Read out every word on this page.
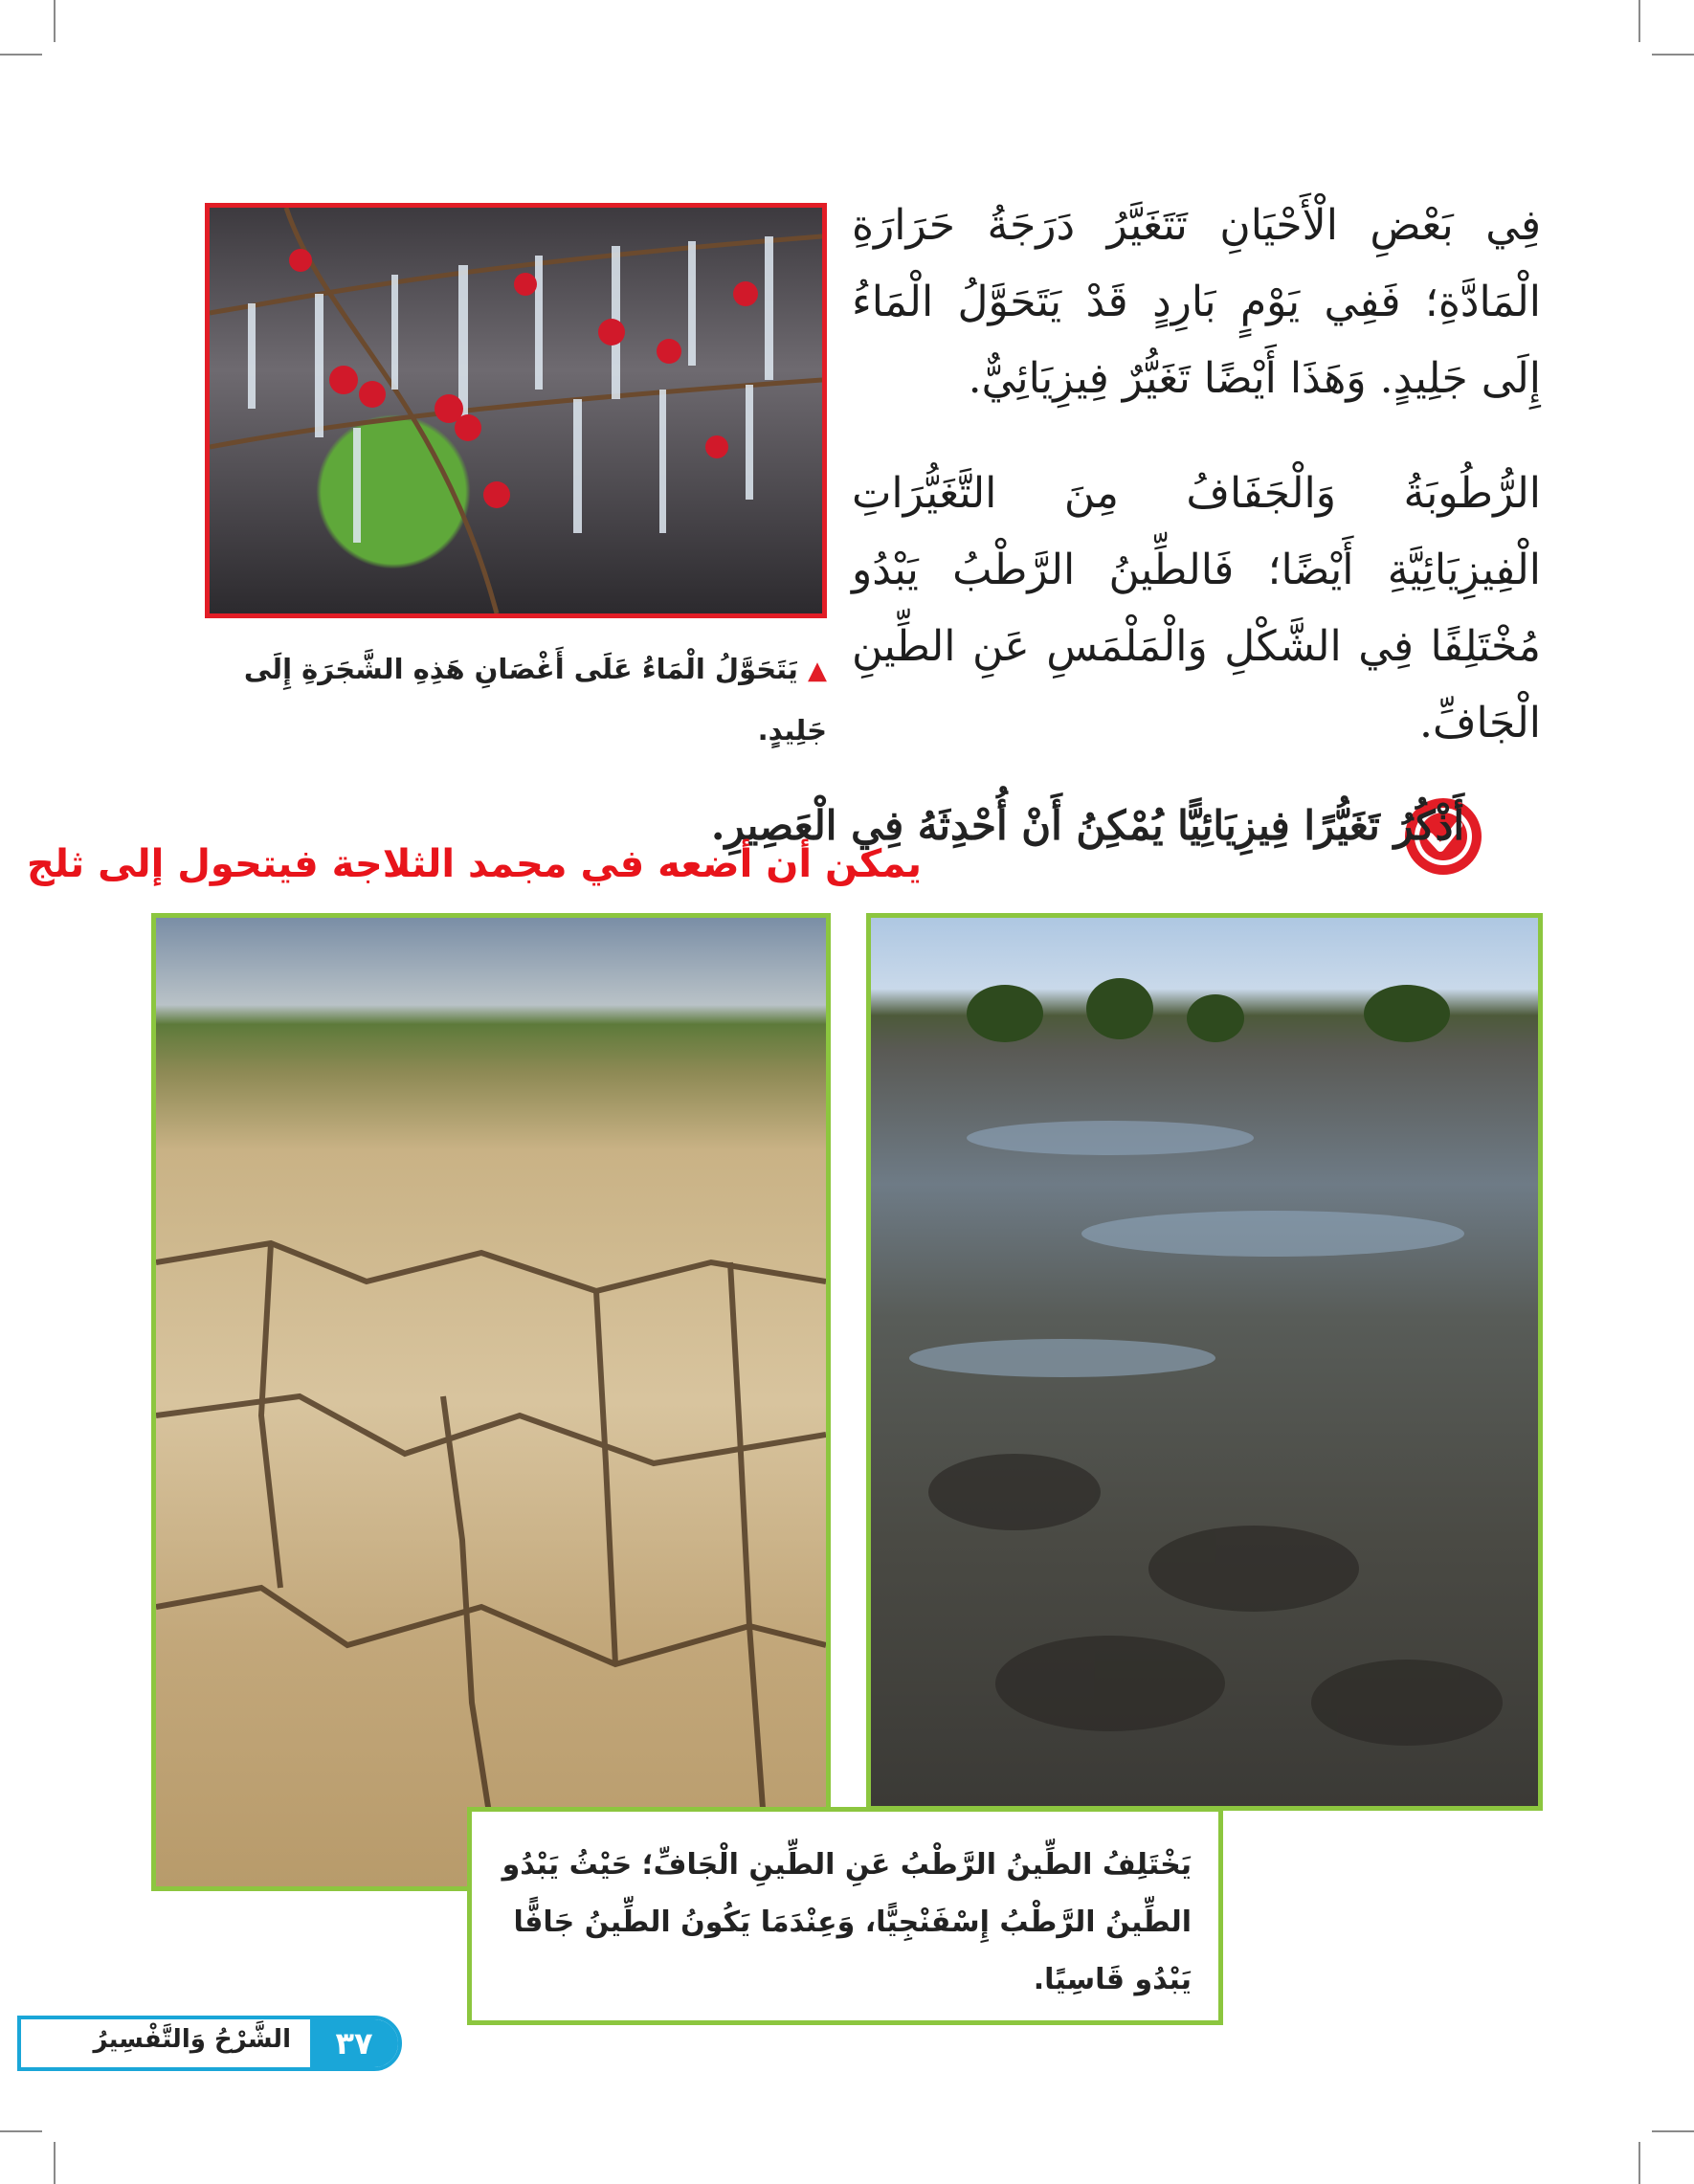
فِي بَعْضِ الْأَحْيَانِ تَتَغَيَّرُ دَرَجَةُ حَرَارَةِ الْمَادَّةِ؛ فَفِي يَوْمٍ بَارِدٍ قَدْ يَتَحَوَّلُ الْمَاءُ إِلَى جَلِيدٍ. وَهَذَا أَيْضًا تَغَيُّرٌ فِيزِيَائِيٌّ.

الرُّطُوبَةُ وَالْجَفَافُ مِنَ التَّغَيُّرَاتِ الْفِيزِيَائِيَّةِ أَيْضًا؛ فَالطِّينُ الرَّطْبُ يَبْدُو مُخْتَلِفًا فِي الشَّكْلِ وَالْمَلْمَسِ عَنِ الطِّينِ الْجَافِّ.

▲ يَتَحَوَّلُ الْمَاءُ عَلَى أَغْصَانِ هَذِهِ الشَّجَرَةِ إِلَى جَلِيدٍ.
أَذْكُرُ تَغَيُّرًا فِيزِيَائِيًّا يُمْكِنُ أَنْ أُحْدِثَهُ فِي الْعَصِيرِ.
يمكن أن أضعه في مجمد الثلاجة فيتحول إلى ثلج
يَخْتَلِفُ الطِّينُ الرَّطْبُ عَنِ الطِّينِ الْجَافِّ؛ حَيْثُ يَبْدُو الطِّينُ الرَّطْبُ إِسْفَنْجِيًّا، وَعِنْدَمَا يَكُونُ الطِّينُ جَافًّا يَبْدُو قَاسِيًا.
٣٧
الشَّرْحُ وَالتَّفْسِيرُ
